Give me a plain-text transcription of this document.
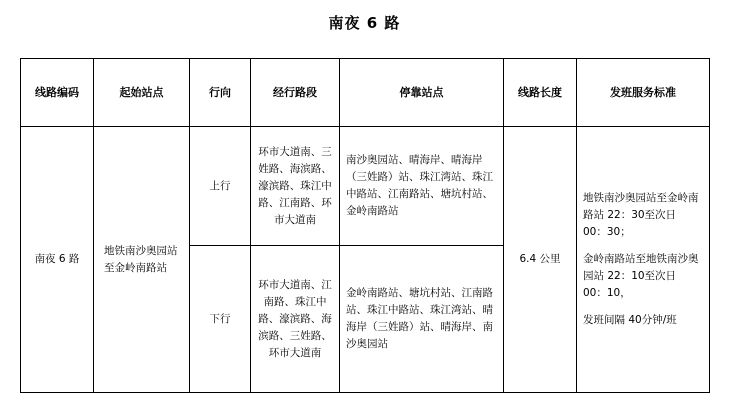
南夜 6 路
线路编码	起始站点	行向	经行路段	停靠站点	线路长度	发班服务标准
南夜 6 路	地铁南沙奥园站至金岭南路站	上行	环市大道南、三姓路、海滨路、濠滨路、珠江中路、江南路、环市大道南	南沙奥园站、晴海岸、晴海岸（三姓路）站、珠江湾站、珠江中路站、江南路站、塘坑村站、金岭南路站	6.4 公里	地铁南沙奥园站至金岭南路站 22：30至次日 00：30；

金岭南路站至地铁南沙奥园站 22：10至次日 00：10，

发班间隔 40分钟/班

		下行	环市大道南、江南路、珠江中路、濠滨路、海滨路、三姓路、环市大道南	金岭南路站、塘坑村站、江南路站、珠江中路站、珠江湾站、晴海岸（三姓路）站、晴海岸、南沙奥园站		
